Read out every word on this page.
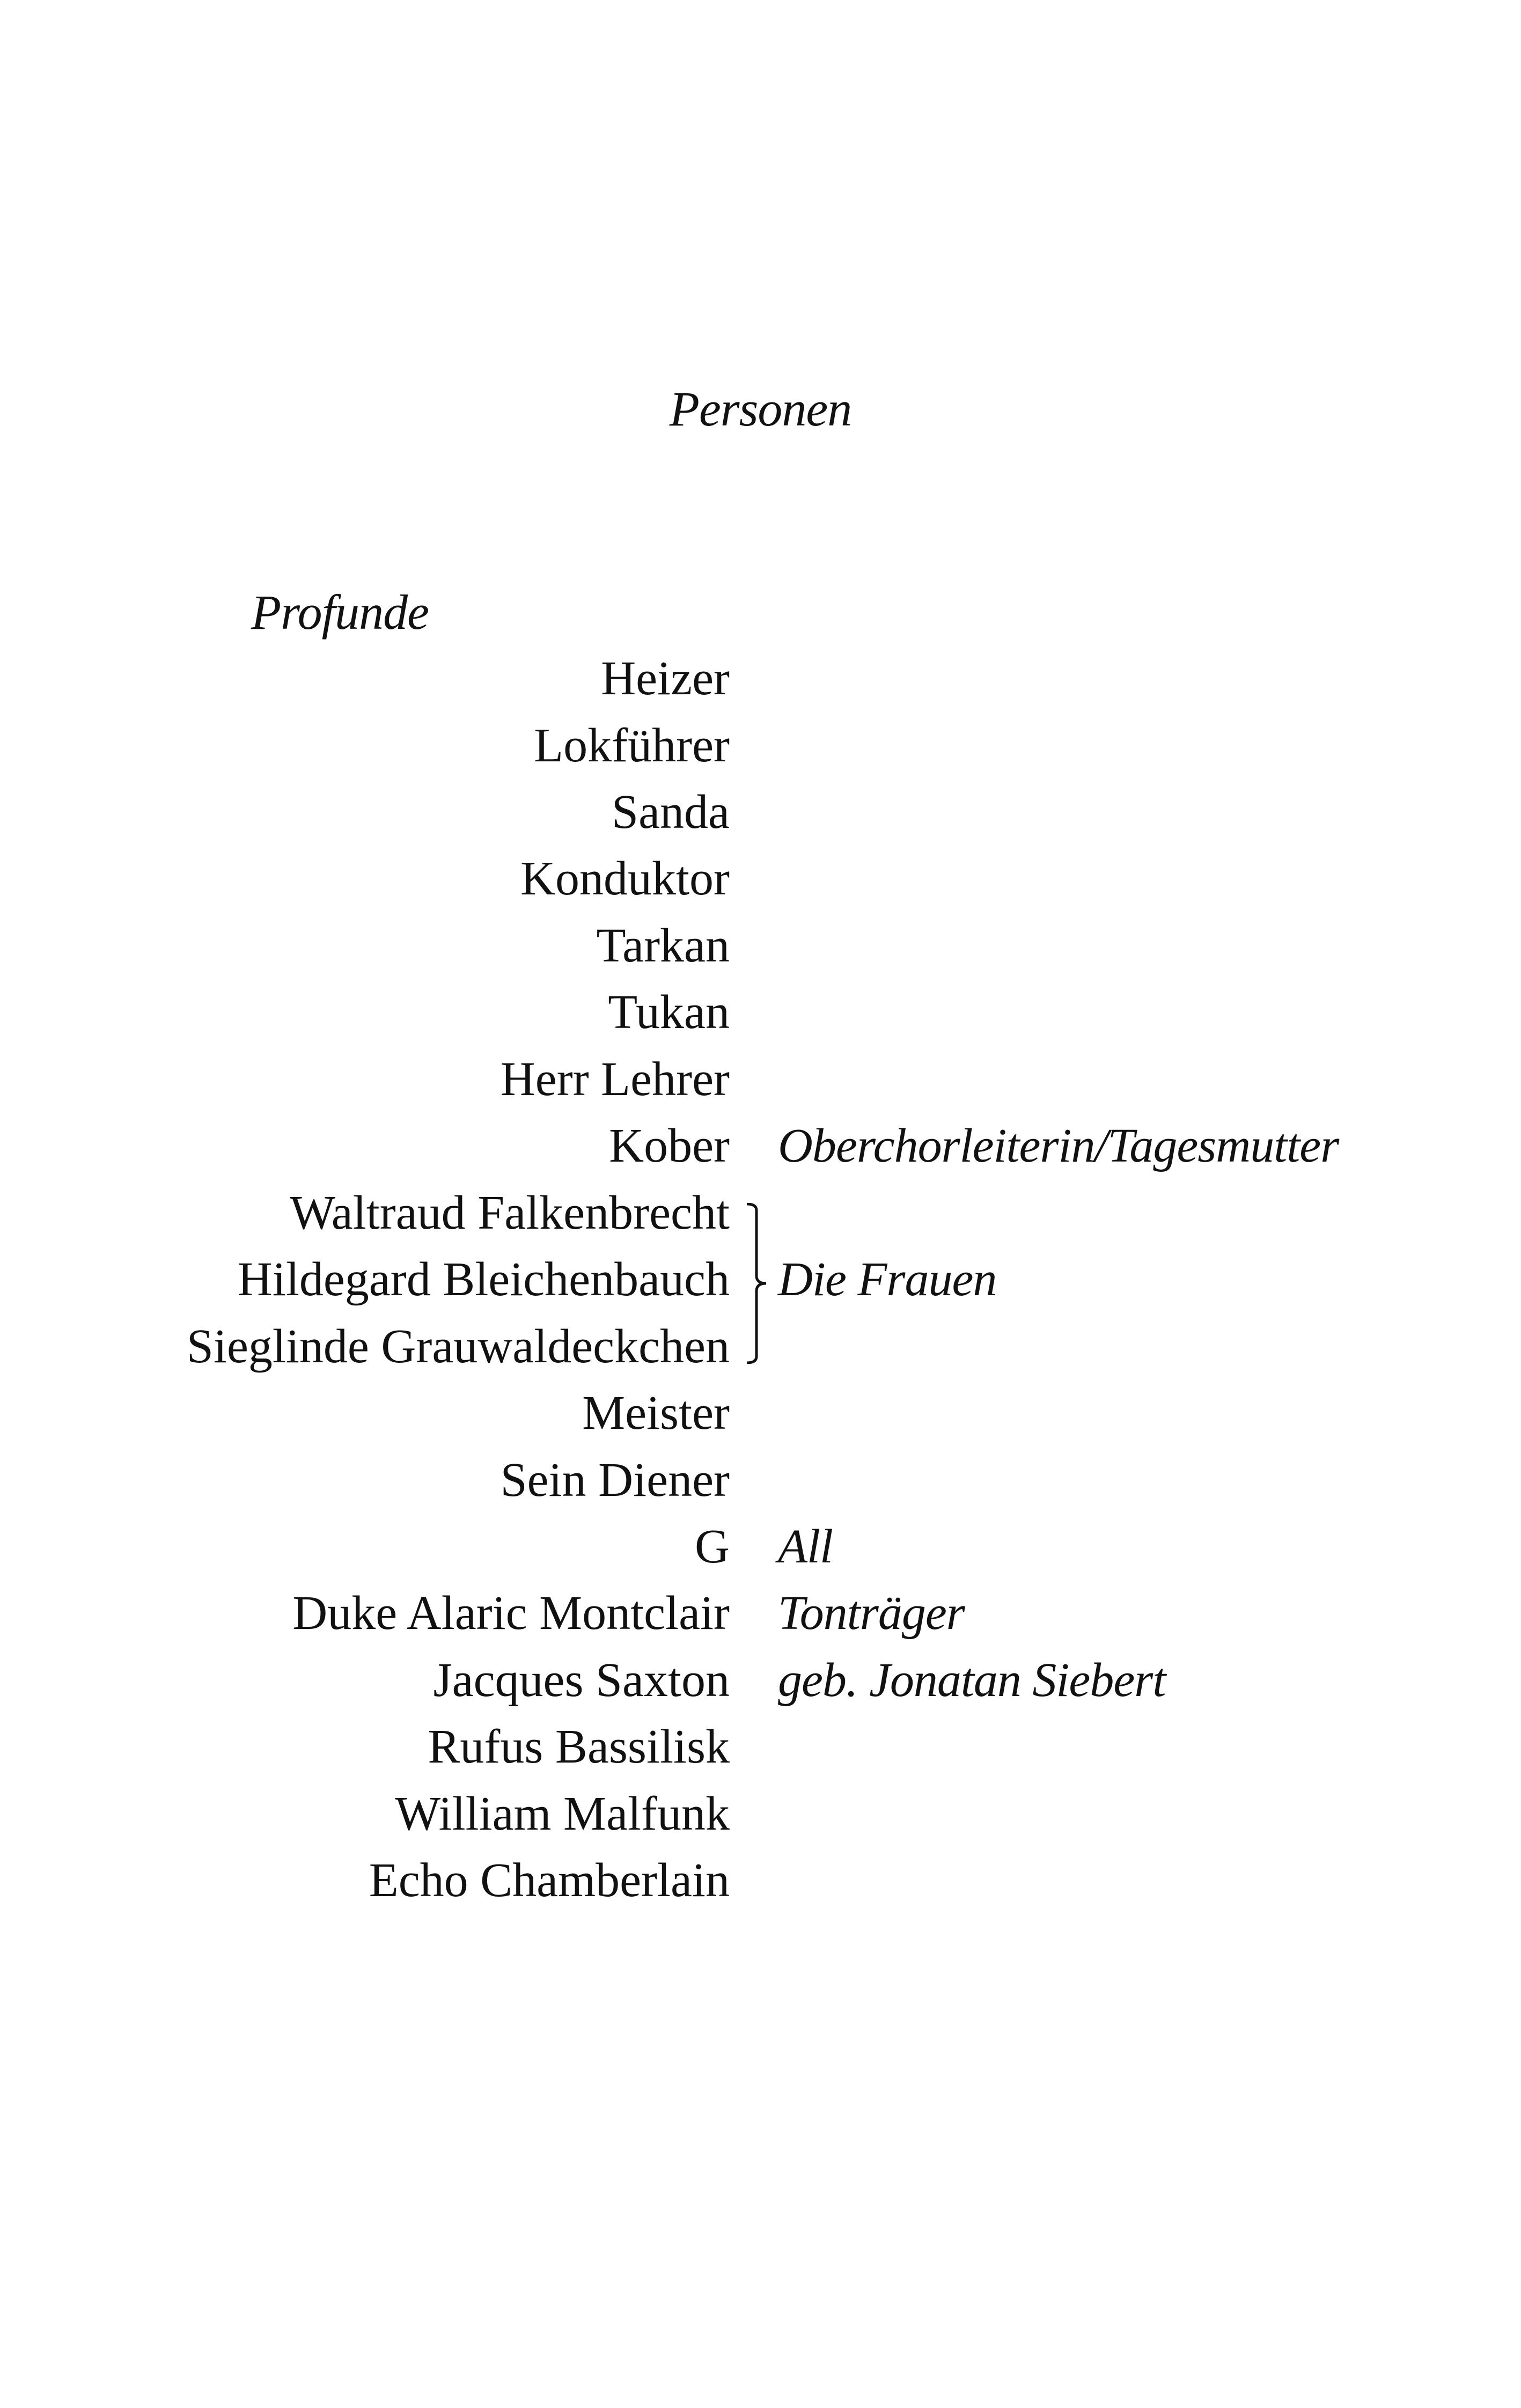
Personen
Profunde
Heizer
Lokführer
Sanda
Konduktor
Tarkan
Tukan
Herr Lehrer
Kober Oberchorleiterin/Tagesmutter
Waltraud Falkenbrecht
Hildegard Bleichenbauch
Sieglinde Grauwaldeckchen
Die Frauen
Meister
Sein Diener
G All
Duke Alaric Montclair Tonträger
Jacques Saxton geb. Jonatan Siebert
Rufus Bassilisk
William Malfunk
Echo Chamberlain
